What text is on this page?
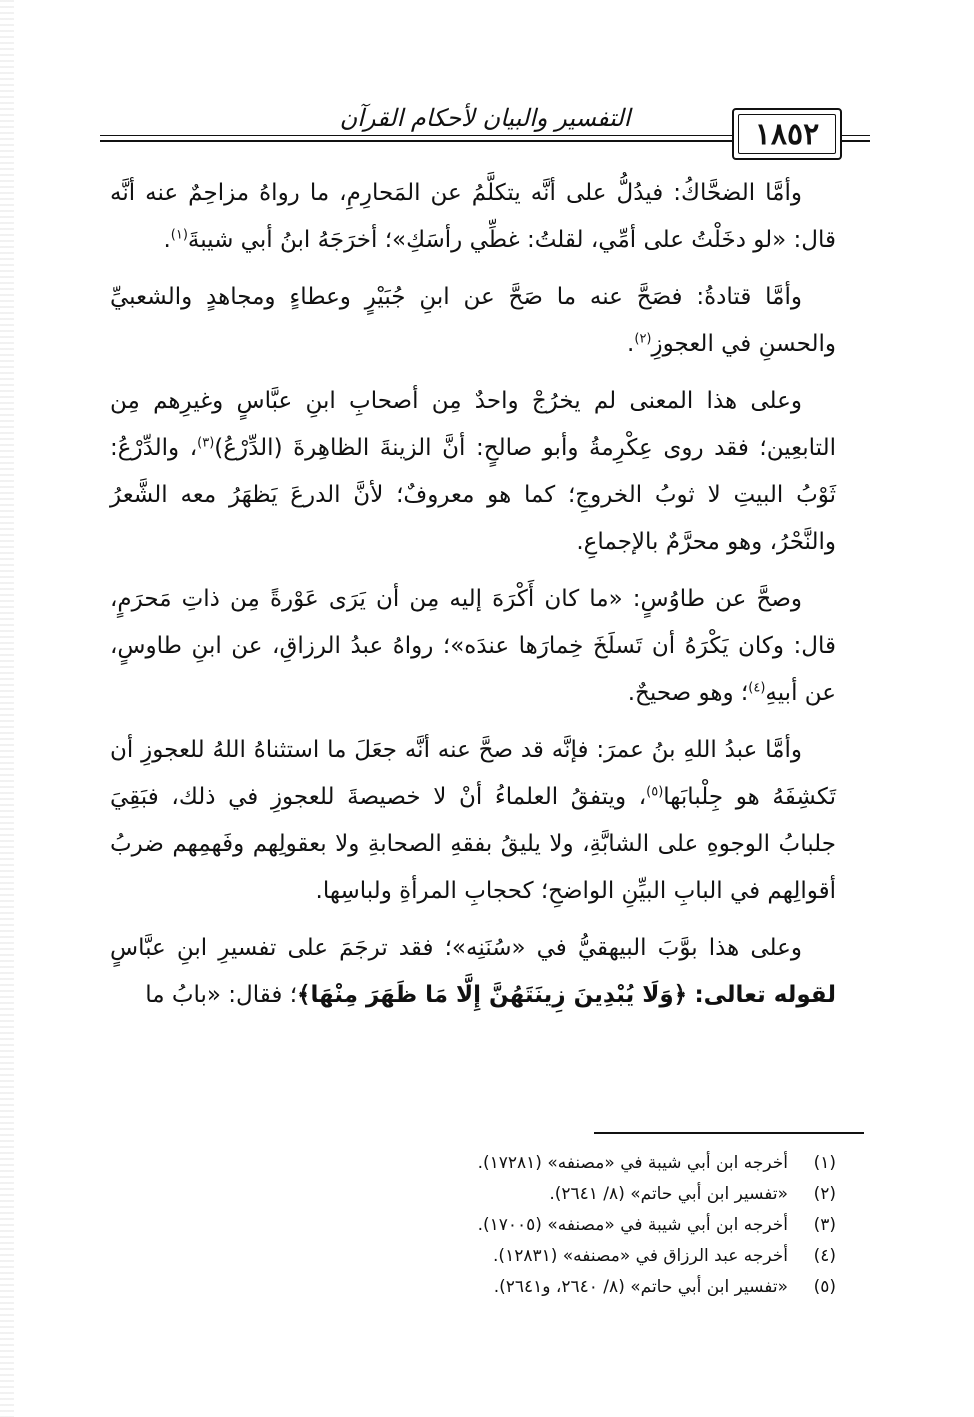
التفسير والبيان لأحكام القرآن	١٨٥٢

وأمَّا الضحَّاكُ: فيدُلُّ على أنَّه يتكلَّمُ عن المَحارِمِ، ما رواهُ مزاحِمٌ عنه أنَّه قال: «لو دخَلْتُ على أمِّي، لقلتُ: غطِّي رأسَكِ»؛ أخرَجَهُ ابنُ أبي شيبةَ$^{(١)}$.

وأمَّا قتادةُ: فصَحَّ عنه ما صَحَّ عن ابنِ جُبَيْرٍ وعطاءٍ ومجاهدٍ والشعبيِّ والحسنِ في العجوزِ$^{(٢)}$.

وعلى هذا المعنى لم يخرُجْ واحدٌ مِن أصحابِ ابنِ عبَّاسٍ وغيرِهم مِن التابعِين؛ فقد روى عِكْرِمةُ وأبو صالحٍ: أنَّ الزينةَ الظاهِرةَ (الدِّرْعُ)$^{(٣)}$، والدِّرْعُ: ثَوْبُ البيتِ لا ثوبُ الخروجِ؛ كما هو معروفٌ؛ لأنَّ الدرعَ يَظهَرُ معه الشَّعرُ والنَّحْرُ، وهو محرَّمٌ بالإجماعِ.

وصحَّ عن طاوُسٍ: «ما كان أَكْرَهَ إليه مِن أن يَرَى عَوْرةً مِن ذاتِ مَحرَمٍ، قال: وكان يَكْرَهُ أن تَسلَخَ خِمارَها عندَه»؛ رواهُ عبدُ الرزاقِ، عن ابنِ طاوسٍ، عن أبيهِ$^{(٤)}$؛ وهو صحيحٌ.

وأمَّا عبدُ اللهِ بنُ عمرَ: فإنَّه قد صحَّ عنه أنَّه جعَلَ ما استثناهُ اللهُ للعجوزِ أن تَكشِفَهُ هو جِلْبابَها$^{(٥)}$، ويتفقُ العلماءُ أنْ لا خصيصةَ للعجوزِ في ذلك، فبَقِيَ جلبابُ الوجوهِ على الشابَّةِ، ولا يليقُ بفقهِ الصحابةِ ولا بعقولِهم وفَهمِهم ضربُ أقوالِهم في البابِ البيِّنِ الواضحِ؛ كحجابِ المرأةِ ولباسِها.

وعلى هذا بوَّبَ البيهقيُّ في «سُنَنِه»؛ فقد ترجَمَ على تفسيرِ ابنِ عبَّاسٍ لقوله تعالى: ﴿وَلَا يُبْدِينَ زِينَتَهُنَّ إِلَّا مَا ظَهَرَ مِنْهَا﴾؛ فقال: «بابُ ما

(١)
أخرجه ابن أبي شيبة في «مصنفه» (١٧٢٨١).
(٢)
«تفسير ابن أبي حاتم» (٨/ ٢٦٤١).
(٣)
أخرجه ابن أبي شيبة في «مصنفه» (١٧٠٠٥).
(٤)
أخرجه عبد الرزاق في «مصنفه» (١٢٨٣١).
(٥)
«تفسير ابن أبي حاتم» (٨/ ٢٦٤٠، و٢٦٤١).
